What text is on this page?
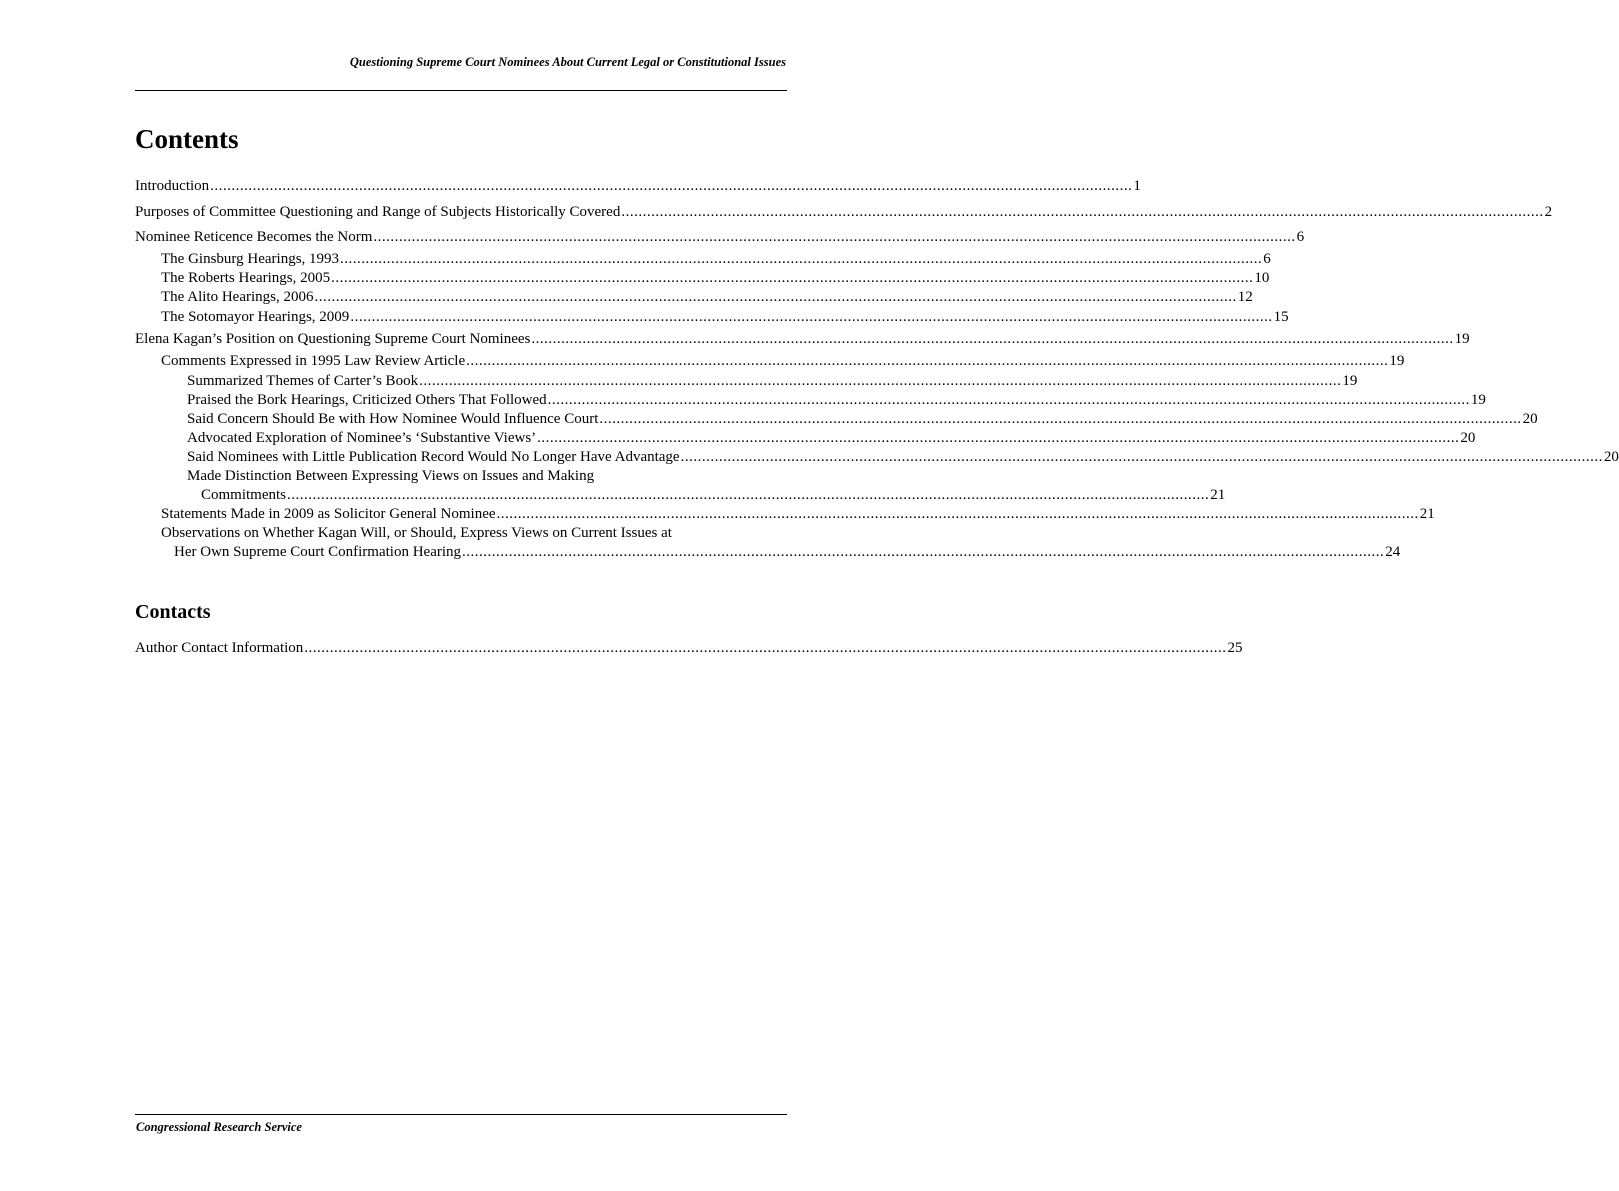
Questioning Supreme Court Nominees About Current Legal or Constitutional Issues
Contents
Introduction ......................................................................................................................................................................................................................... 1
Purposes of Committee Questioning and Range of Subjects Historically Covered ......................................................................................................................................................................................................................... 2
Nominee Reticence Becomes the Norm ......................................................................................................................................................................................................................... 6
The Ginsburg Hearings, 1993 ......................................................................................................................................................................................................................... 6
The Roberts Hearings, 2005 ......................................................................................................................................................................................................................... 10
The Alito Hearings, 2006 ......................................................................................................................................................................................................................... 12
The Sotomayor Hearings, 2009 ......................................................................................................................................................................................................................... 15
Elena Kagan’s Position on Questioning Supreme Court Nominees ......................................................................................................................................................................................................................... 19
Comments Expressed in 1995 Law Review Article ......................................................................................................................................................................................................................... 19
Summarized Themes of Carter’s Book ......................................................................................................................................................................................................................... 19
Praised the Bork Hearings, Criticized Others That Followed ......................................................................................................................................................................................................................... 19
Said Concern Should Be with How Nominee Would Influence Court ......................................................................................................................................................................................................................... 20
Advocated Exploration of Nominee’s ‘Substantive Views’ ......................................................................................................................................................................................................................... 20
Said Nominees with Little Publication Record Would No Longer Have Advantage ......................................................................................................................................................................................................................... 20
Made Distinction Between Expressing Views on Issues and Making
Commitments ......................................................................................................................................................................................................................... 21
Statements Made in 2009 as Solicitor General Nominee ......................................................................................................................................................................................................................... 21
Observations on Whether Kagan Will, or Should, Express Views on Current Issues at
Her Own Supreme Court Confirmation Hearing ......................................................................................................................................................................................................................... 24
Contacts
Author Contact Information ......................................................................................................................................................................................................................... 25
Congressional Research Service
